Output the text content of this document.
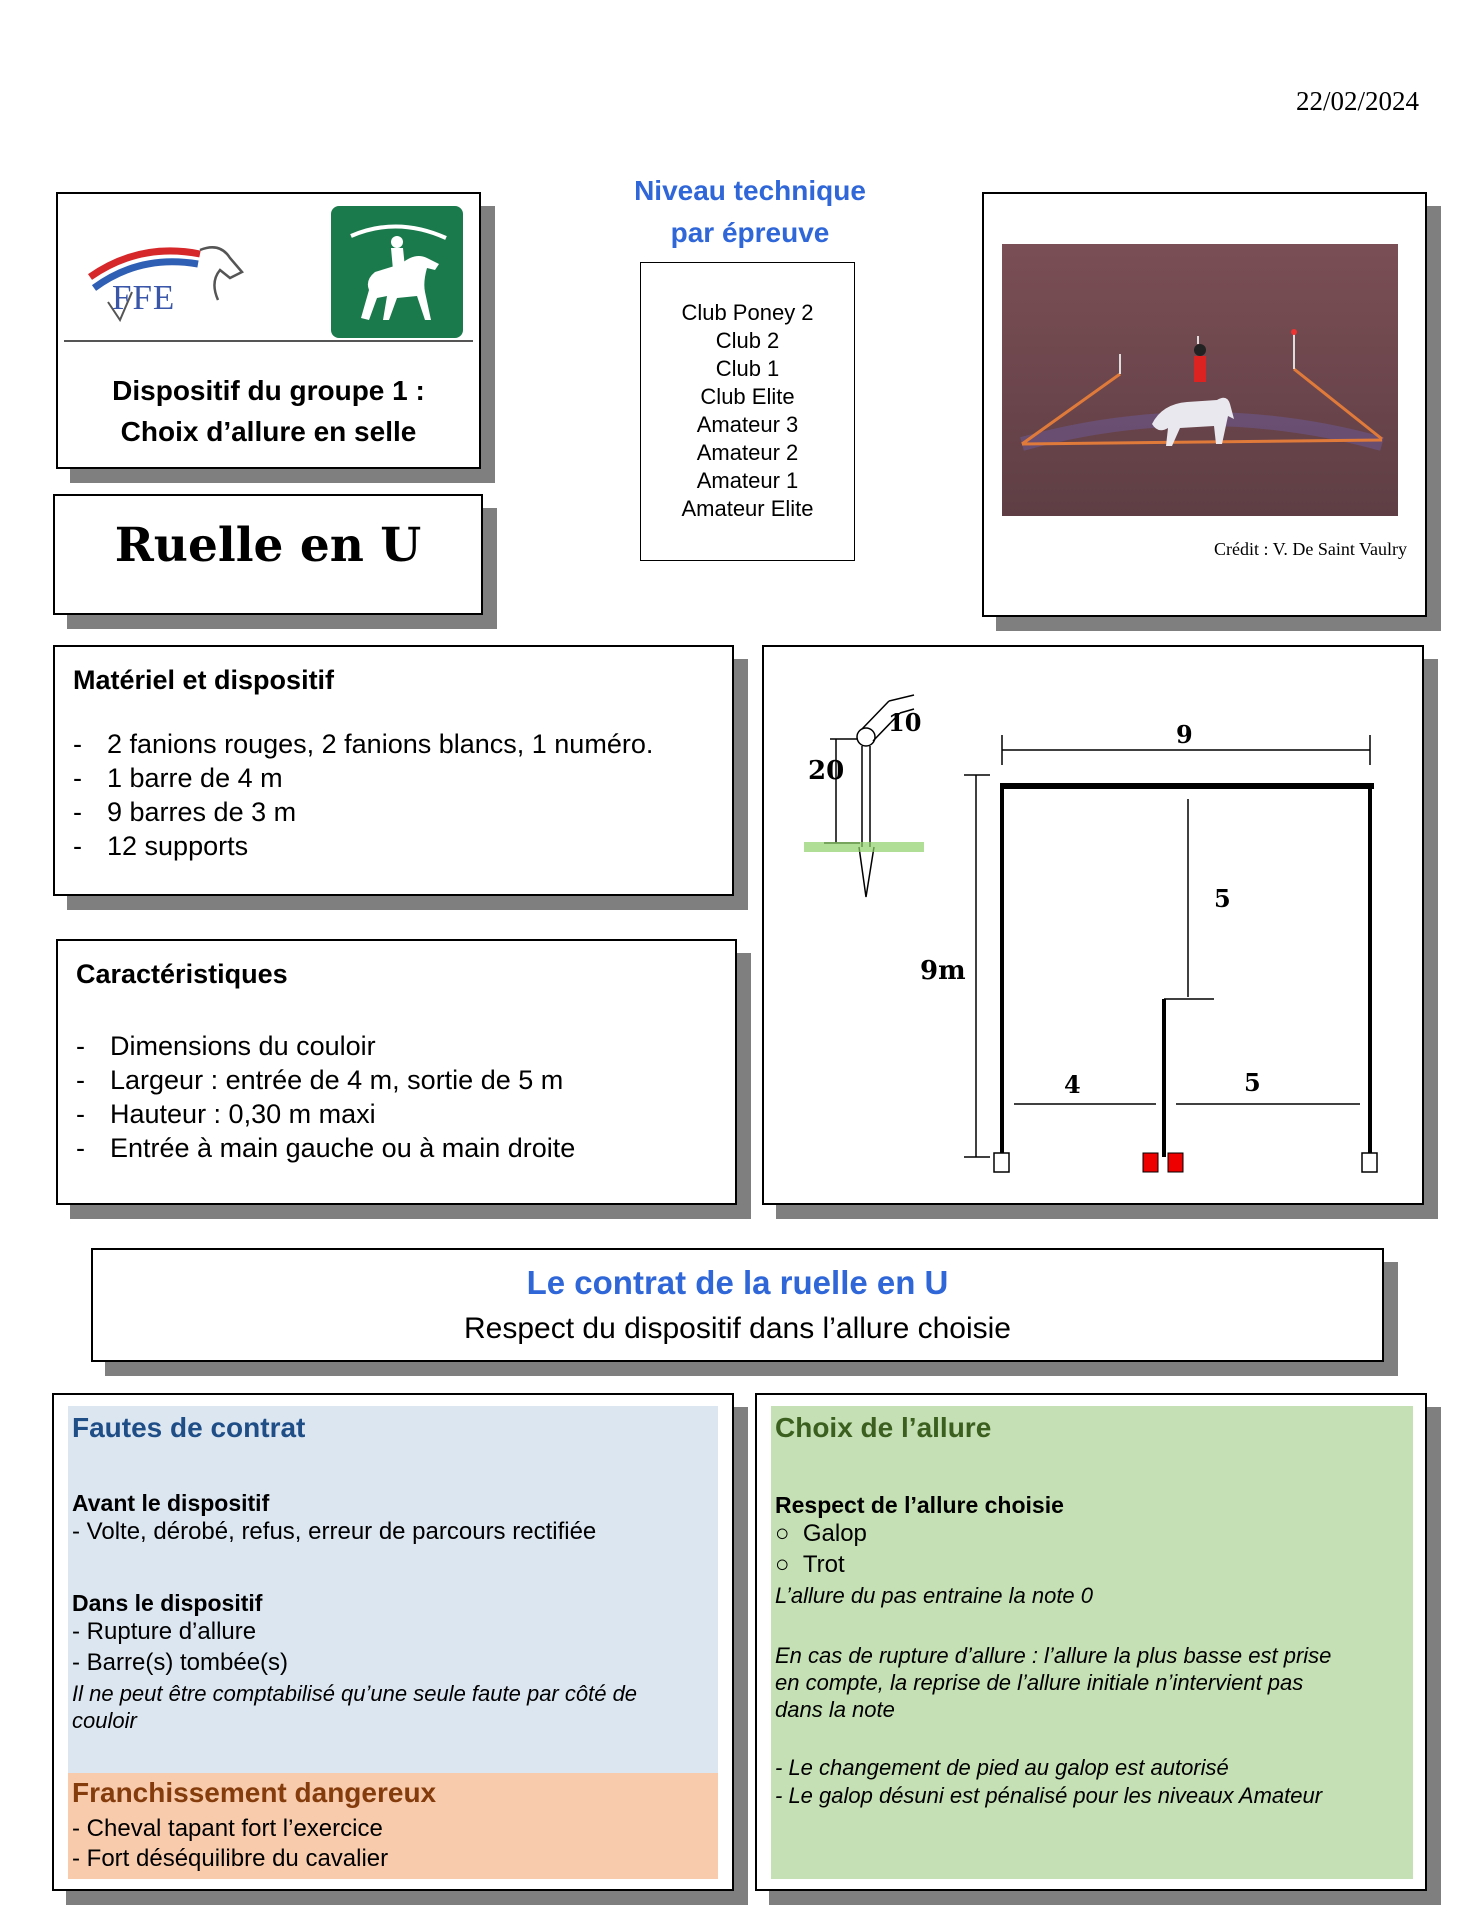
22/02/2024
FFE
Dispositif du groupe 1 :
Choix d’allure en selle
Ruelle en U
Niveau technique
par épreuve
Club Poney 2
Club 2
Club 1
Club Elite
Amateur 3
Amateur 2
Amateur 1
Amateur Elite
Crédit : V. De Saint Vaulry
Matériel et dispositif
- 2 fanions rouges, 2 fanions blancs, 1 numéro.
- 1 barre de 4 m
- 9 barres de 3 m
- 12 supports
Caractéristiques
- Dimensions du couloir
- Largeur : entrée de 4 m, sortie de 5 m
- Hauteur : 0,30 m maxi
- Entrée à main gauche ou à main droite
10
20
9
9m
5
4	5
Le contrat de la ruelle en U
Respect du dispositif dans l’allure choisie
Fautes de contrat
Avant le dispositif
- Volte, dérobé, refus, erreur de parcours rectifiée
Dans le dispositif
- Rupture d’allure
- Barre(s) tombée(s)
Il ne peut être comptabilisé qu’une seule faute par côté de
couloir
Franchissement dangereux
- Cheval tapant fort l’exercice
- Fort déséquilibre du cavalier
Choix de l’allure
Respect de l’allure choisie
○ Galop
○ Trot
L’allure du pas entraine la note 0
En cas de rupture d’allure : l’allure la plus basse est prise
en compte, la reprise de l’allure initiale n’intervient pas
dans la note
- Le changement de pied au galop est autorisé
- Le galop désuni est pénalisé pour les niveaux Amateur
